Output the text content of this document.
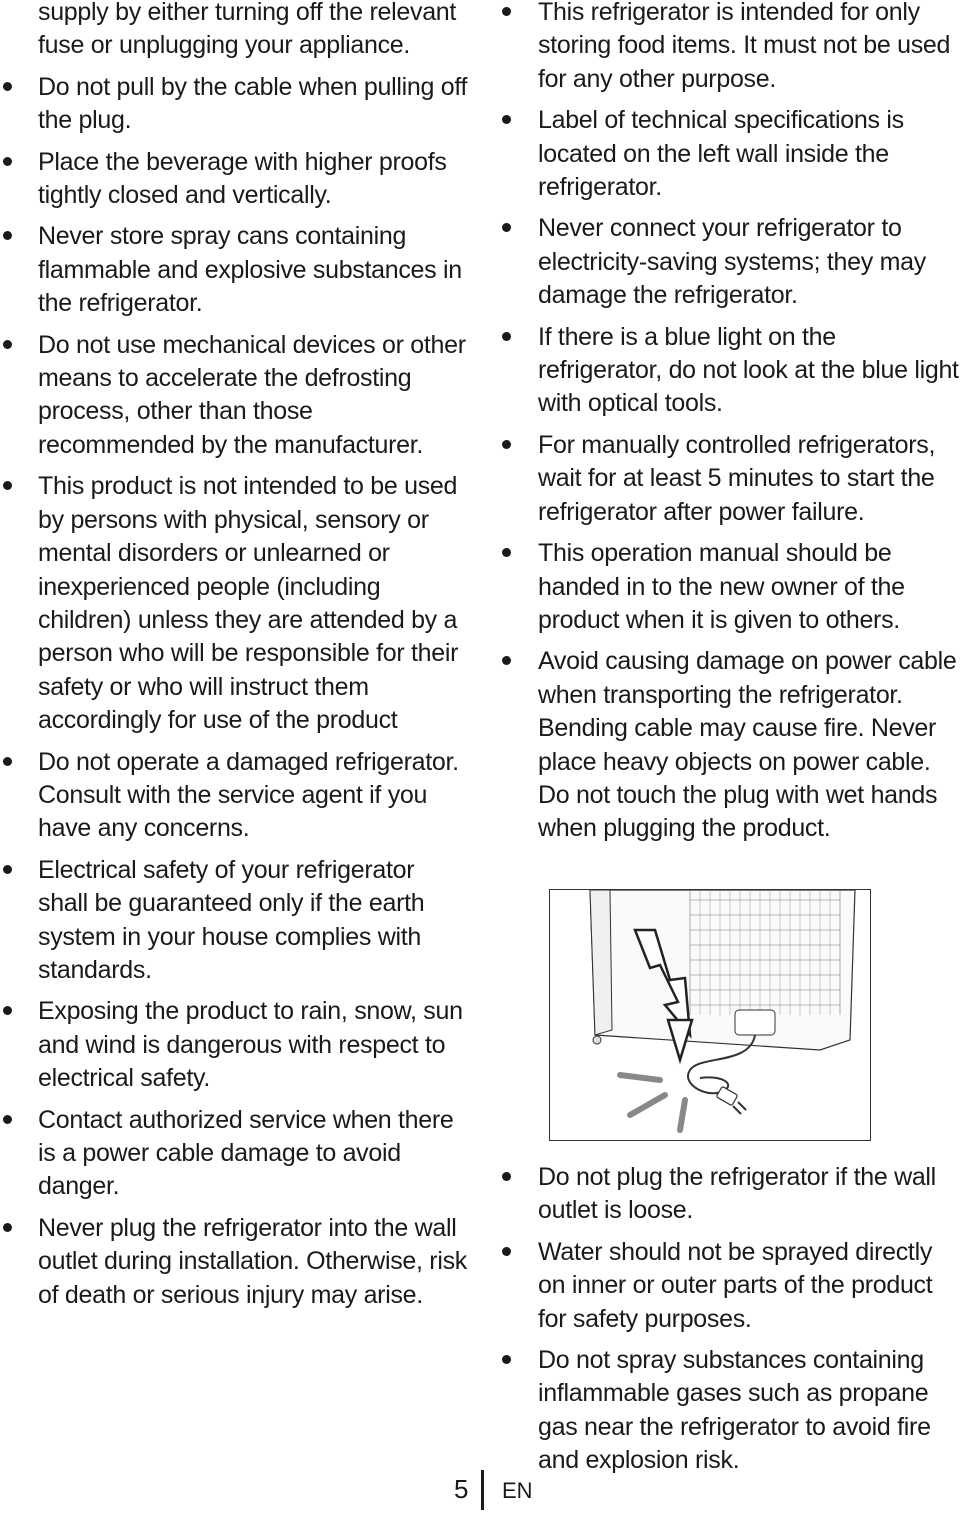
supply by either turning off the relevant fuse or unplugging your appliance.

Do not pull by the cable when pulling off the plug.

Place the beverage with higher proofs tightly closed and vertically.

Never store spray cans containing flammable and explosive substances in the refrigerator.

Do not use mechanical devices or other means to accelerate the defrosting process, other than those recommended by the manufacturer.

This product is not intended to be used by persons with physical, sensory or mental disorders or unlearned or inexperienced people (including children) unless they are attended by a person who will be responsible for their safety or who will instruct them accordingly for use of the product

Do not operate a damaged refrigerator. Consult with the service agent if you have any concerns.

Electrical safety of your refrigerator shall be guaranteed only if the earth system in your house complies with standards.

Exposing the product to rain, snow, sun and wind is dangerous with respect to electrical safety.

Contact authorized service when there is a power cable damage to avoid danger.

Never plug the refrigerator into the wall outlet during installation. Otherwise, risk of death or serious injury may arise.

This refrigerator is intended for only storing food items. It must not be used for any other purpose.

Label of technical specifications is located on the left wall inside the refrigerator.

Never connect your refrigerator to electricity-saving systems; they may damage the refrigerator.

If there is a blue light on the refrigerator, do not look at the blue light with optical tools.

For manually controlled refrigerators, wait for at least 5 minutes to start the refrigerator after power failure.

This operation manual should be handed in to the new owner of the product when it is given to others.

Avoid causing damage on power cable when transporting the refrigerator. Bending cable may cause fire. Never place heavy objects on power cable. Do not touch the plug with wet hands when plugging the product.

Do not plug the refrigerator if the wall outlet is loose.

Water should not be sprayed directly on inner or outer parts of the product for safety purposes.

Do not spray substances containing inflammable gases such as propane gas near the refrigerator to avoid fire and explosion risk.

5 EN
